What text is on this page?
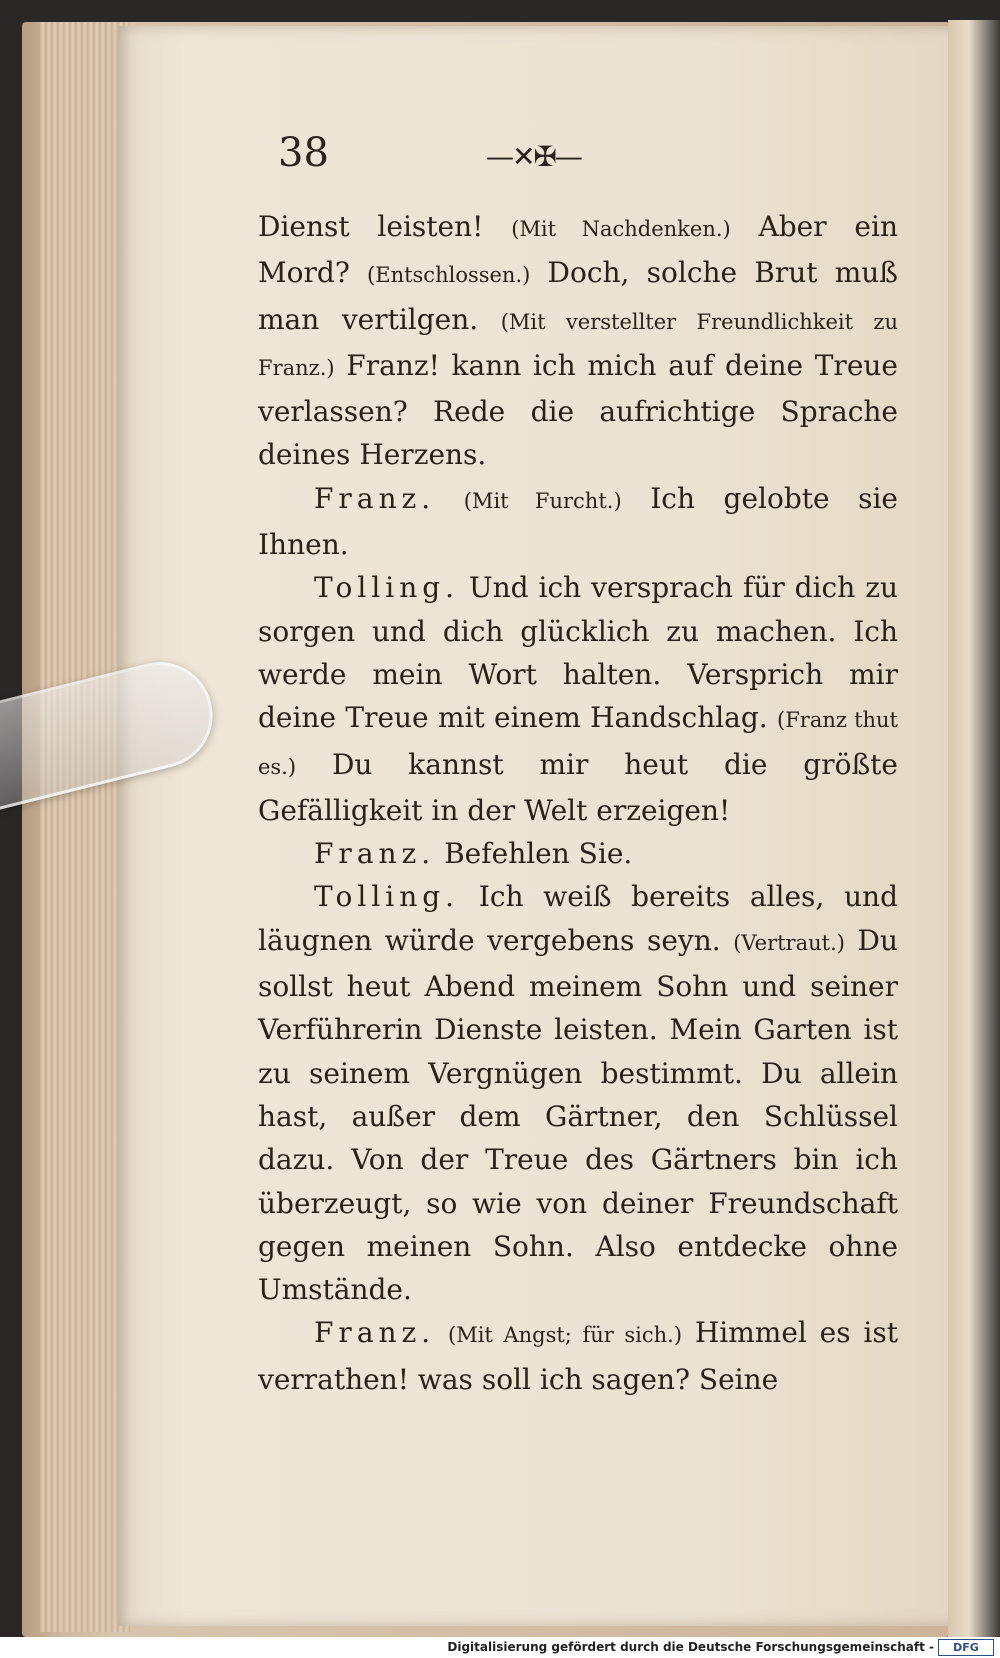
38	—✕✠—

Dienst leisten! (Mit Nachdenken.) Aber ein Mord? (Entschlossen.) Doch, solche Brut muß man vertilgen. (Mit verstellter Freundlichkeit zu Franz.) Franz! kann ich mich auf deine Treue verlassen? Rede die aufrichtige Sprache deines Herzens.

Franz. (Mit Furcht.) Ich gelobte sie Ihnen.

Tolling. Und ich versprach für dich zu sorgen und dich glücklich zu machen. Ich werde mein Wort halten. Versprich mir deine Treue mit einem Handschlag. (Franz thut es.) Du kannst mir heut die größte Gefälligkeit in der Welt erzeigen!

Franz. Befehlen Sie.

Tolling. Ich weiß bereits alles, und läugnen würde vergebens seyn. (Vertraut.) Du sollst heut Abend meinem Sohn und seiner Verführerin Dienste leisten. Mein Garten ist zu seinem Vergnügen bestimmt. Du allein hast, außer dem Gärtner, den Schlüssel dazu. Von der Treue des Gärtners bin ich überzeugt, so wie von deiner Freundschaft gegen meinen Sohn. Also entdecke ohne Umstände.

Franz. (Mit Angst; für sich.) Himmel es ist verrathen! was soll ich sagen? Seine

Digitalisierung gefördert durch die Deutsche Forschungsgemeinschaft -	DFG
